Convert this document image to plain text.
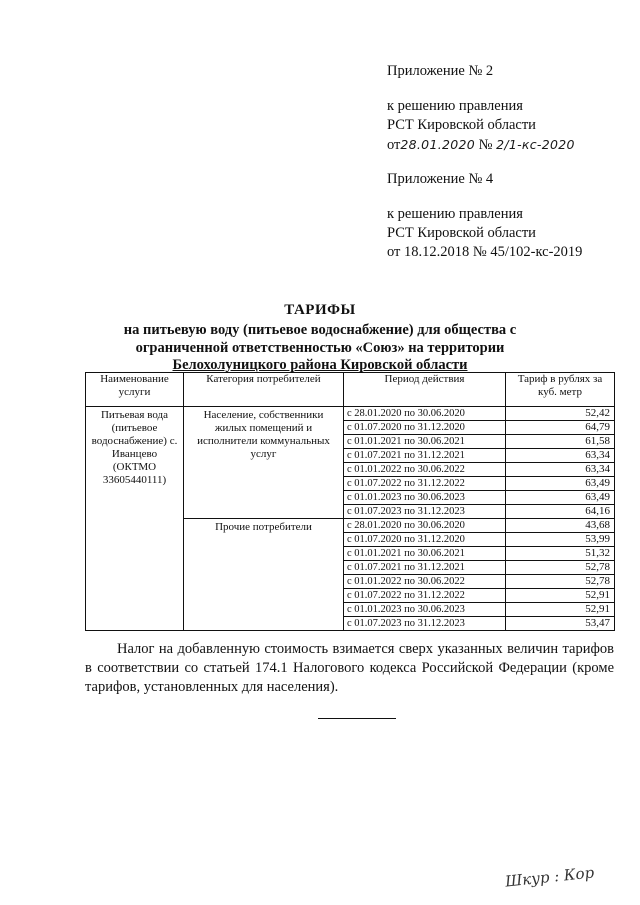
Приложение № 2
к решению правления
РСТ Кировской области
от28.01.2020 № 2/1-кс-2020
Приложение № 4
к решению правления
РСТ Кировской области
от 18.12.2018 № 45/102-кс-2019
ТАРИФЫ
на питьевую воду (питьевое водоснабжение) для общества с
ограниченной ответственностью «Союз» на территории
Белохолуницкого района Кировской области
Наименование услуги	Категория потребителей	Период действия	Тариф в рублях за куб. метр
Питьевая вода (питьевое водоснабжение) с. Иванцево (ОКТМО 33605440111)	Население, собственники жилых помещений и исполнители коммунальных услуг	с 28.01.2020 по 30.06.2020	52,42
		с 01.07.2020 по 31.12.2020	64,79
		с 01.01.2021 по 30.06.2021	61,58
		с 01.07.2021 по 31.12.2021	63,34
		с 01.01.2022 по 30.06.2022	63,34
		с 01.07.2022 по 31.12.2022	63,49
		с 01.01.2023 по 30.06.2023	63,49
		с 01.07.2023 по 31.12.2023	64,16
	Прочие потребители	с 28.01.2020 по 30.06.2020	43,68
		с 01.07.2020 по 31.12.2020	53,99
		с 01.01.2021 по 30.06.2021	51,32
		с 01.07.2021 по 31.12.2021	52,78
		с 01.01.2022 по 30.06.2022	52,78
		с 01.07.2022 по 31.12.2022	52,91
		с 01.01.2023 по 30.06.2023	52,91
		с 01.07.2023 по 31.12.2023	53,47

Налог на добавленную стоимость взимается сверх указанных величин тарифов в соответствии со статьей 174.1 Налогового кодекса Российской Федерации (кроме тарифов, установленных для населения).

Шкур : Кор
